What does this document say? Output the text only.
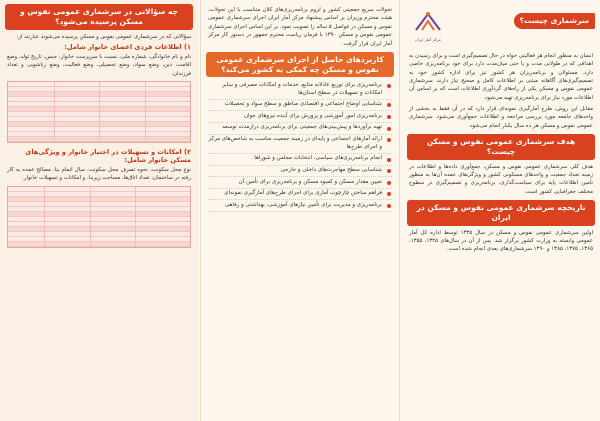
مرکز آمار ایران
سرشماری چیست؟
انسان به منظور انجام هر فعالیتی خواه در حال تصمیم‌گیری است و برای رسیدن به اهدافی که در طولانی مدت و یا حتی میان‌مدت دارد برای خود برنامه‌ریزی خاصی دارد. مسئولان و برنامه‌ریزان هر کشور نیز برای اداره کشور خود به تصمیم‌گیری‌های آگاهانه مبتنی بر اطلاعات کامل و صحیح نیاز دارند. سرشماری عمومی نفوس و مسکن یکی از راه‌های گردآوری اطلاعات است که بر اساس آن اطلاعات مورد نیاز برای برنامه‌ریزی تهیه می‌شود.
مقابل این روش، طرح آمارگیری نمونه‌ای قرار دارد که در آن فقط به بخشی از واحدهای جامعه مورد بررسی مراجعه و اطلاعات جمع‌آوری می‌شود. سرشماری عمومی نفوس و مسکن هر ده سال یکبار انجام می‌شود.
هدف سرشماری عمومی نفوس و مسکن چیست؟
هدف کلی سرشماری عمومی نفوس و مسکن، جمع‌آوری داده‌ها و اطلاعات در زمینه تعداد جمعیت و واحدهای مسکونی کشور و ویژگی‌های عمده آن‌ها به منظور تأمین اطلاعات پایه برای سیاست‌گذاری، برنامه‌ریزی و تصمیم‌گیری در سطوح مختلف جغرافیایی کشور است.
تاریخچه سرشماری عمومی نفوس و مسکن در ایران
اولین سرشماری عمومی نفوس و مسکن در سال ۱۳۳۵ توسط اداره کل آمار عمومی وابسته به وزارت کشور برگزار شد. پس از آن در سال‌های ۱۳۴۵، ۱۳۵۵، ۱۳۶۵، ۱۳۷۵، ۱۳۸۵ و ۱۳۹۰ سرشماری‌های بعدی انجام شده است.
تحولات سریع جمعیتی کشور و لزوم برنامه‌ریزی‌های کلان متناسب با این تحولات، هیئت محترم وزیران بر اساس پیشنهاد مرکز آمار ایران اجرای سرشماری عمومی نفوس و مسکن در فواصل ۵ ساله را تصویب نمود. بر این اساس اجرای سرشماری عمومی نفوس و مسکن ۱۳۹۰ با فرمان ریاست محترم جمهور در دستور کار مرکز آمار ایران قرار گرفت.
کاربردهای حاصل از اجرای سرشماری عمومی نفوس و مسکن چه کمکی به کشور می‌کند؟
برنامه‌ریزی برای توزیع عادلانه منابع، خدمات و امکانات مصرفی و سایر امکانات و تسهیلات در سطح استان‌ها
شناسایی اوضاع اجتماعی و اقتصادی مناطق و سطح سواد و تحصیلات
برنامه‌ریزی امور آموزشی و پرورش برای آینده نیروهای جوان
تهیه برآوردها و پیش‌بینی‌های جمعیتی برای برنامه‌ریزی درازمدت توسعه
ارائه آمارهای اجتماعی و پایه‌ای در زمینه جمعیت مناسب به شاخص‌های مرکز و اجرای طرح‌ها
انجام برنامه‌ریزی‌های سیاسی، انتخابات مجلس و شوراها
شناسایی سطح مهاجرت‌های داخلی و خارجی
تعیین مقدار مسکن و کمبود مسکن و برنامه‌ریزی برای تأمین آن
فراهم ساختن چارچوب آماری برای اجرای طرح‌های آمارگیری نمونه‌ای
برنامه‌ریزی و مدیریت برای تأمین نیازهای آموزشی، بهداشتی و رفاهی
چه سؤالاتی در سرشماری عمومی نفوس و مسکن پرسیده می‌شود؟
سؤالاتی که در سرشماری عمومی نفوس و مسکن پرسیده می‌شوند عبارتند از:
۱) اطلاعات فردی اعضای خانوار شامل:
نام و نام خانوادگی، شماره ملی، نسبت با سرپرست خانوار، جنس، تاریخ تولد، وضع اقامت، دین، وضع سواد، وضع تحصیلی، وضع فعالیت، وضع زناشویی و تعداد فرزندان.
۲) امکانات و تسهیلات در اختیار خانوار و ویژگی‌های مسکن خانوار شامل:
نوع محل سکونت، نحوه تصرف محل سکونت، سال اتمام بنا، مصالح عمده به کار رفته در ساختمان، تعداد اتاق‌ها، مساحت زیربنا، و امکانات و تسهیلات خانوار.
